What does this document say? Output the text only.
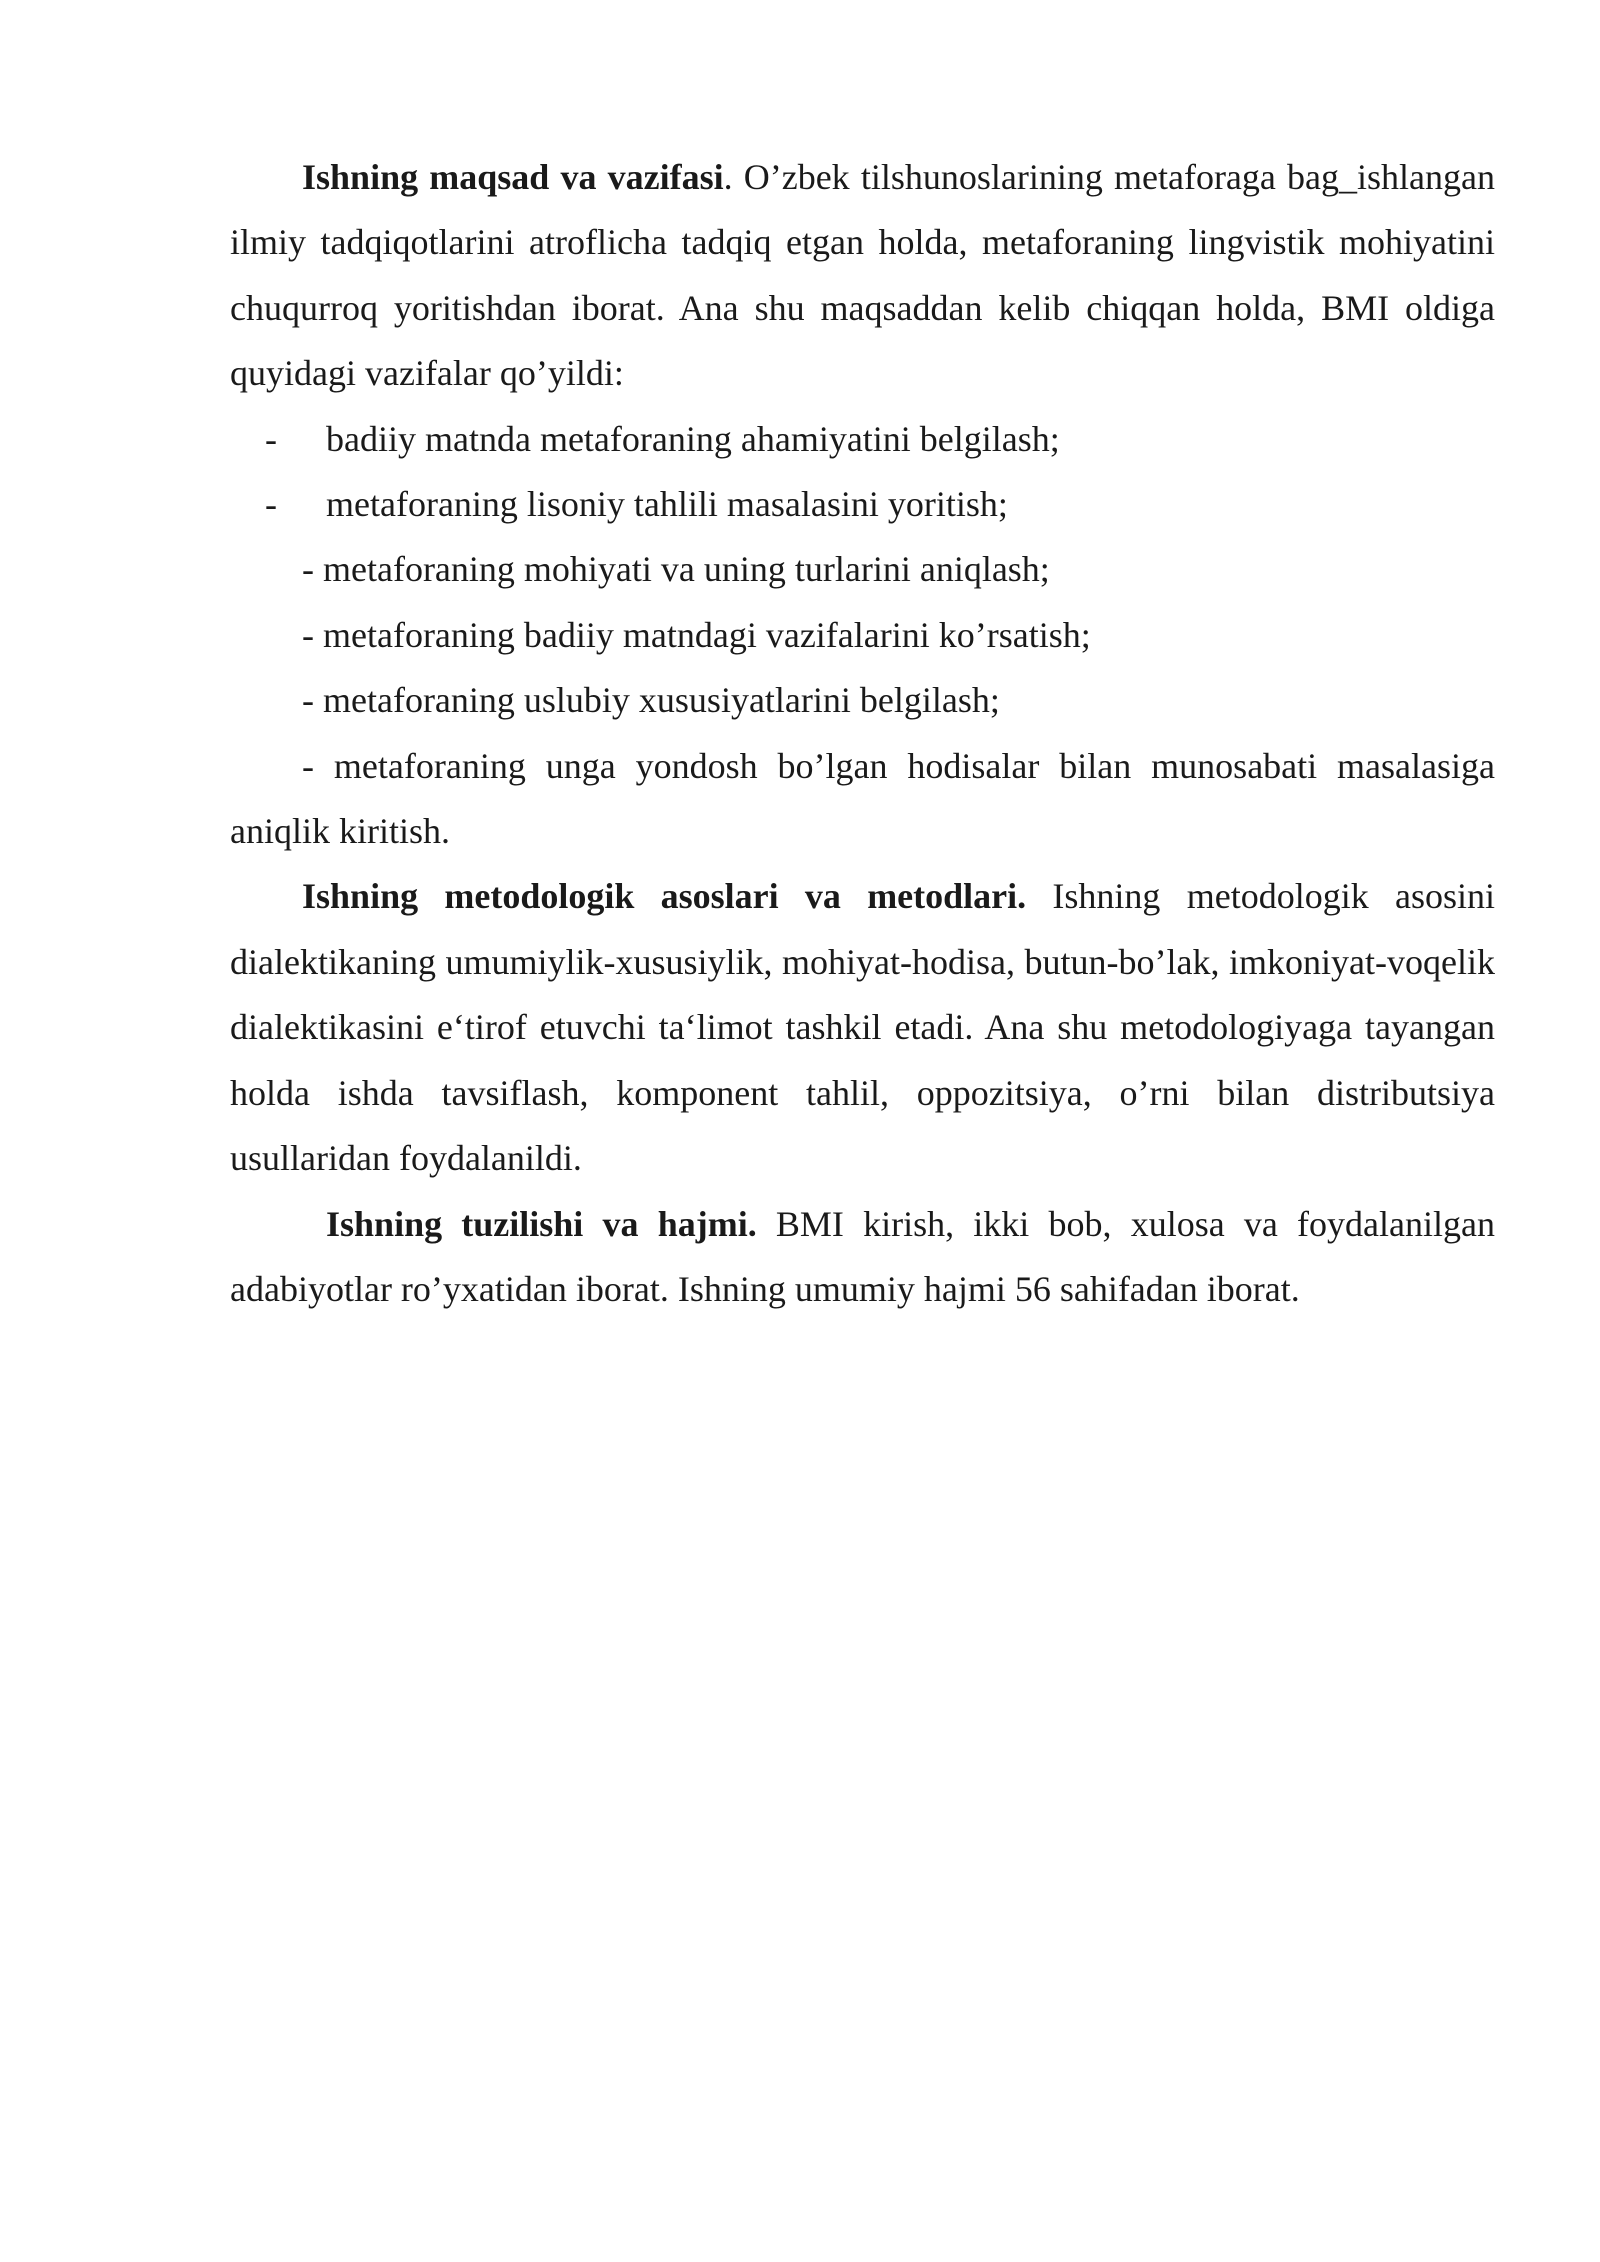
Ishning maqsad va vazifasi. O’zbek tilshunoslarining metaforaga bag_ishlangan ilmiy tadqiqotlarini atroflicha tadqiq etgan holda, metaforaning lingvistik mohiyatini chuqurroq yoritishdan iborat. Ana shu maqsaddan kelib chiqqan holda, BMI oldiga quyidagi vazifalar qo’yildi:

- badiiy matnda metaforaning ahamiyatini belgilash;

- metaforaning lisoniy tahlili masalasini yoritish;

- metaforaning mohiyati va uning turlarini aniqlash;

- metaforaning badiiy matndagi vazifalarini ko’rsatish;

- metaforaning uslubiy xususiyatlarini belgilash;

- metaforaning unga yondosh bo’lgan hodisalar bilan munosabati masalasiga aniqlik kiritish.

Ishning metodologik asoslari va metodlari. Ishning metodologik asosini dialektikaning umumiylik-xususiylik, mohiyat-hodisa, butun-bo’lak, imkoniyat-voqelik dialektikasini e‘tirof etuvchi ta‘limot tashkil etadi. Ana shu metodologiyaga tayangan holda ishda tavsiflash, komponent tahlil, oppozitsiya, o’rni bilan distributsiya usullaridan foydalanildi.

Ishning tuzilishi va hajmi. BMI kirish, ikki bob, xulosa va foydalanilgan adabiyotlar ro’yxatidan iborat. Ishning umumiy hajmi 56 sahifadan iborat.
